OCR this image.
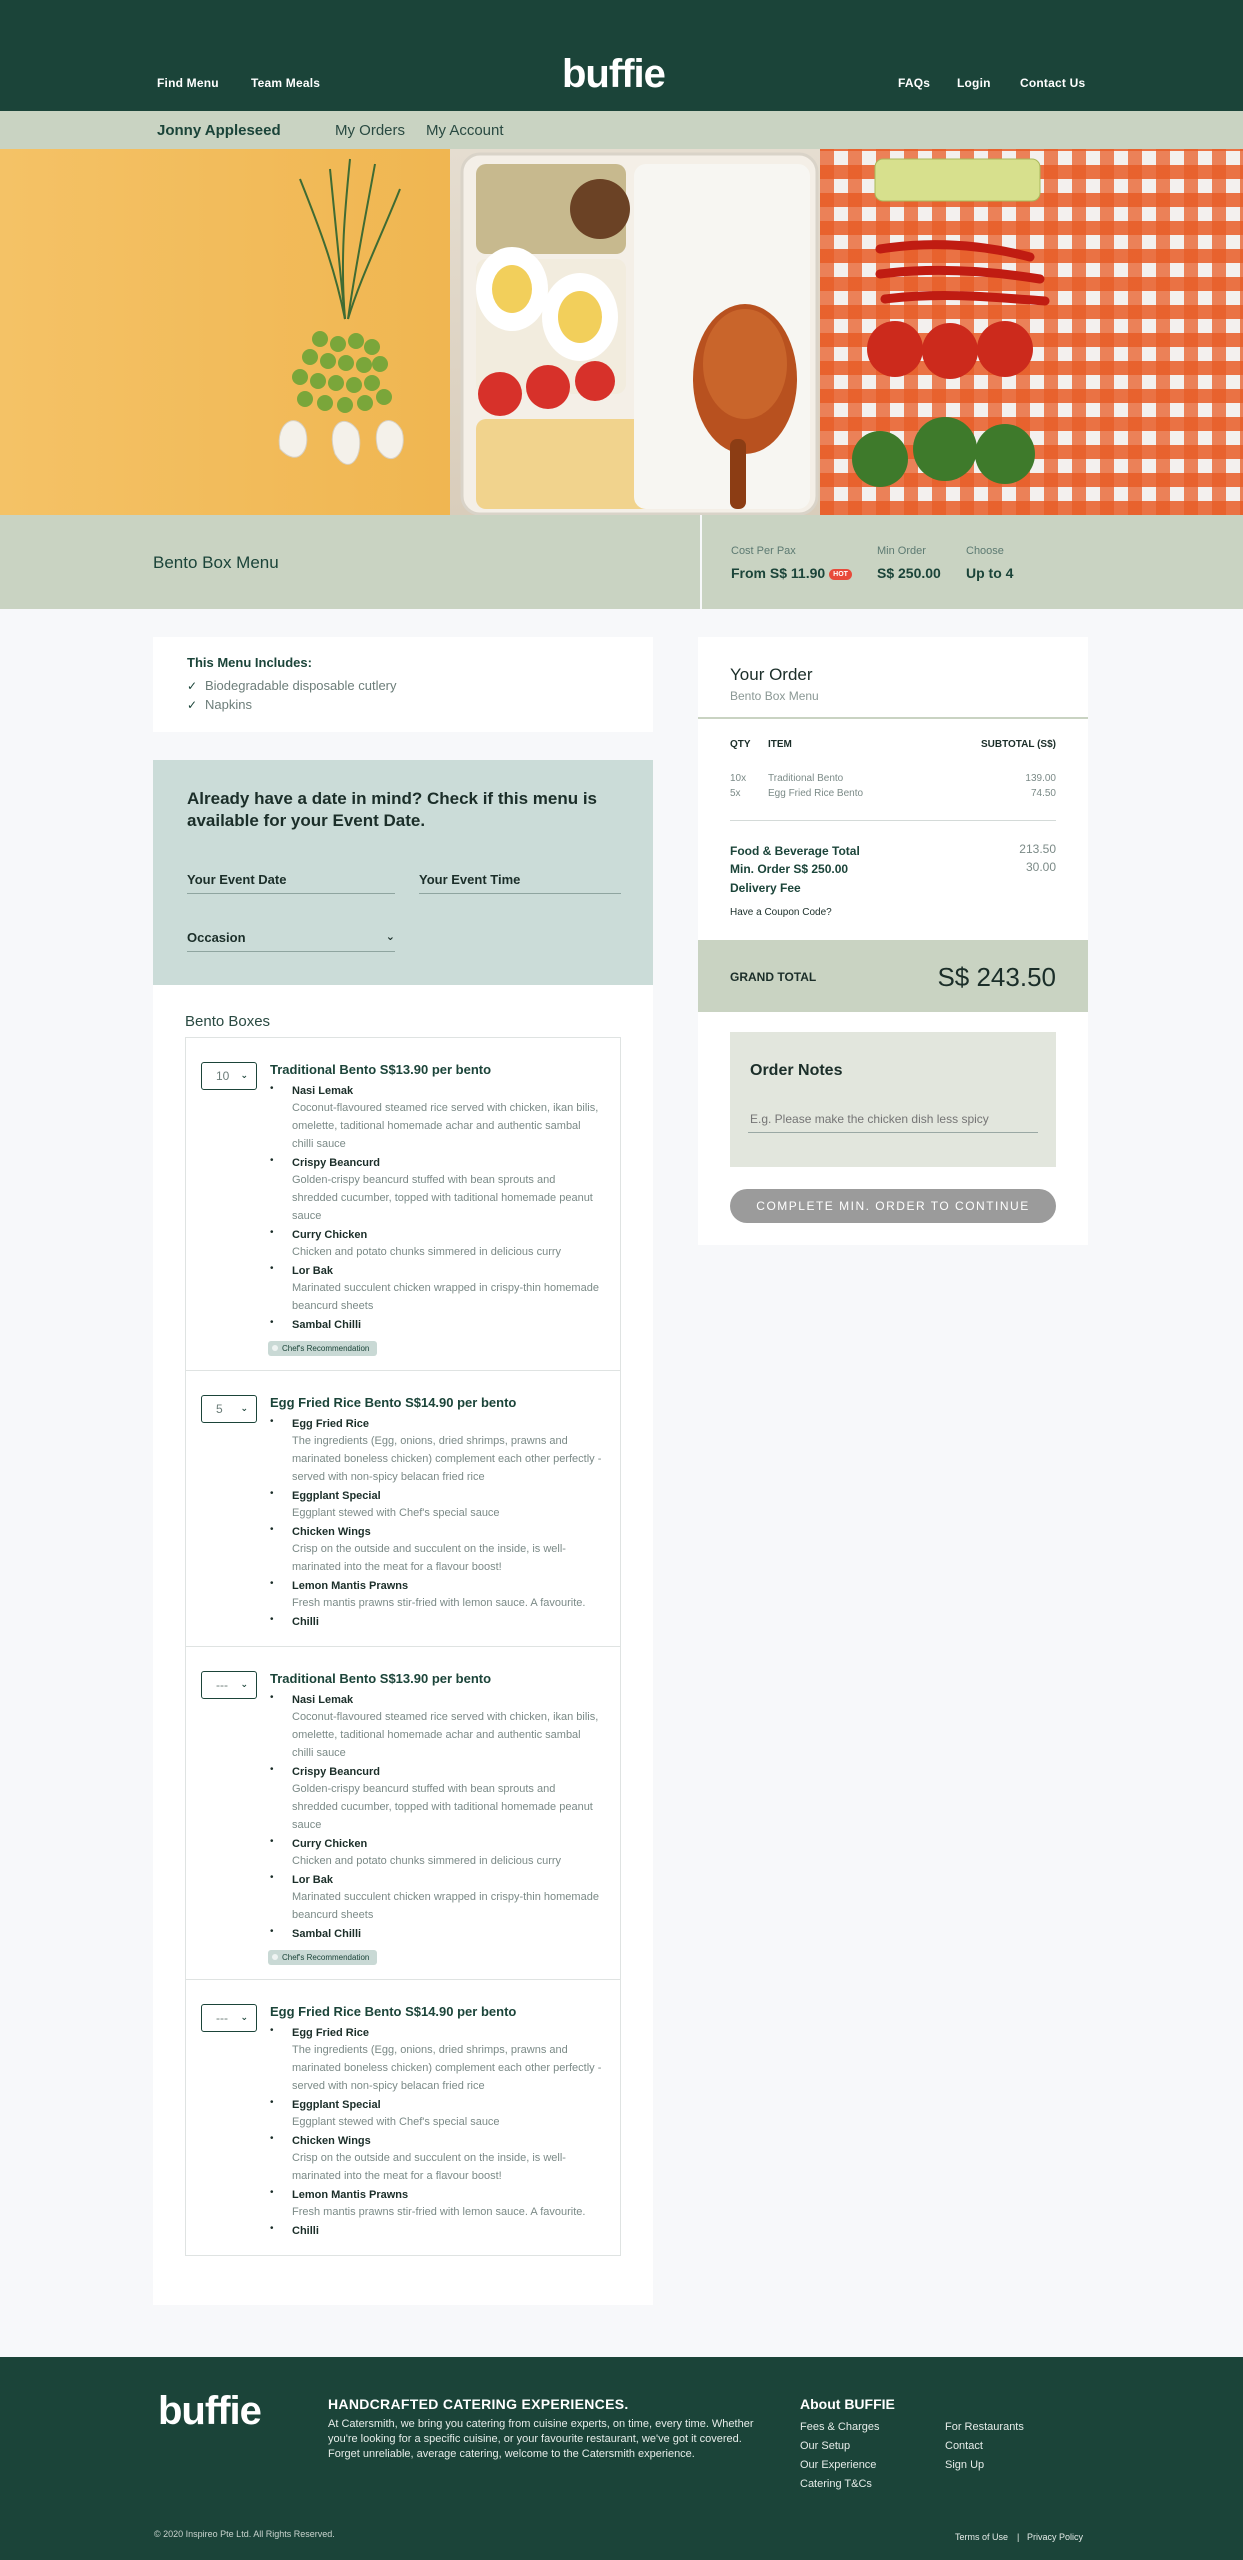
Find Menu	Team Meals	buffie	FAQs Login Contact Us
Jonny Appleseed	My Orders My Account
Bento Box Menu
Cost Per Pax
From S$ 11.90 HOT
Min Order
S$ 250.00
Choose
Up to 4
This Menu Includes:
✓ Biodegradable disposable cutlery
✓ Napkins
Already have a date in mind? Check if this menu is available for your Event Date.
Your Event Date	Your Event Time
Occasion	⌄
Bento Boxes
10 ⌄ Traditional Bento S$13.90 per bento
• Nasi Lemak
Coconut-flavoured steamed rice served with chicken, ikan bilis, omelette, taditional homemade achar and authentic sambal chilli sauce
• Crispy Beancurd
Golden-crispy beancurd stuffed with bean sprouts and shredded cucumber, topped with taditional homemade peanut sauce
• Curry Chicken
Chicken and potato chunks simmered in delicious curry
• Lor Bak
Marinated succulent chicken wrapped in crispy-thin homemade beancurd sheets
• Sambal Chilli
Chef's Recommendation
5 ⌄ Egg Fried Rice Bento S$14.90 per bento
• Egg Fried Rice
The ingredients (Egg, onions, dried shrimps, prawns and marinated boneless chicken) complement each other perfectly - served with non-spicy belacan fried rice
• Eggplant Special
Eggplant stewed with Chef's special sauce
• Chicken Wings
Crisp on the outside and succulent on the inside, is well-marinated into the meat for a flavour boost!
• Lemon Mantis Prawns
Fresh mantis prawns stir-fried with lemon sauce. A favourite.
• Chilli
--- ⌄ Traditional Bento S$13.90 per bento
• Nasi Lemak
Coconut-flavoured steamed rice served with chicken, ikan bilis, omelette, taditional homemade achar and authentic sambal chilli sauce
• Crispy Beancurd
Golden-crispy beancurd stuffed with bean sprouts and shredded cucumber, topped with taditional homemade peanut sauce
• Curry Chicken
Chicken and potato chunks simmered in delicious curry
• Lor Bak
Marinated succulent chicken wrapped in crispy-thin homemade beancurd sheets
• Sambal Chilli
Chef's Recommendation
--- ⌄ Egg Fried Rice Bento S$14.90 per bento
• Egg Fried Rice
The ingredients (Egg, onions, dried shrimps, prawns and marinated boneless chicken) complement each other perfectly - served with non-spicy belacan fried rice
• Eggplant Special
Eggplant stewed with Chef's special sauce
• Chicken Wings
Crisp on the outside and succulent on the inside, is well-marinated into the meat for a flavour boost!
• Lemon Mantis Prawns
Fresh mantis prawns stir-fried with lemon sauce. A favourite.
• Chilli
Your Order
Bento Box Menu
QTY ITEM	SUBTOTAL (S$)
10x Traditional Bento	139.00
5x	Egg Fried Rice Bento	74.50
Food & Beverage Total	213.50
Min. Order S$ 250.00	30.00
Delivery Fee
Have a Coupon Code?
GRAND TOTAL	S$ 243.50
Order Notes
E.g. Please make the chicken dish less spicy
COMPLETE MIN. ORDER TO CONTINUE
buffie	HANDCRAFTED CATERING EXPERIENCES.
At Catersmith, we bring you catering from cuisine experts, on time, every time. Whether you're looking for a specific cuisine, or your favourite restaurant, we've got it covered. Forget unreliable, average catering, welcome to the Catersmith experience.
About BUFFIE
Fees & Charges
Our Setup
Our Experience
Catering T&Cs
For Restaurants
Contact
Sign Up
© 2020 Inspireo Pte Ltd. All Rights Reserved.	Terms of Use | Privacy Policy
